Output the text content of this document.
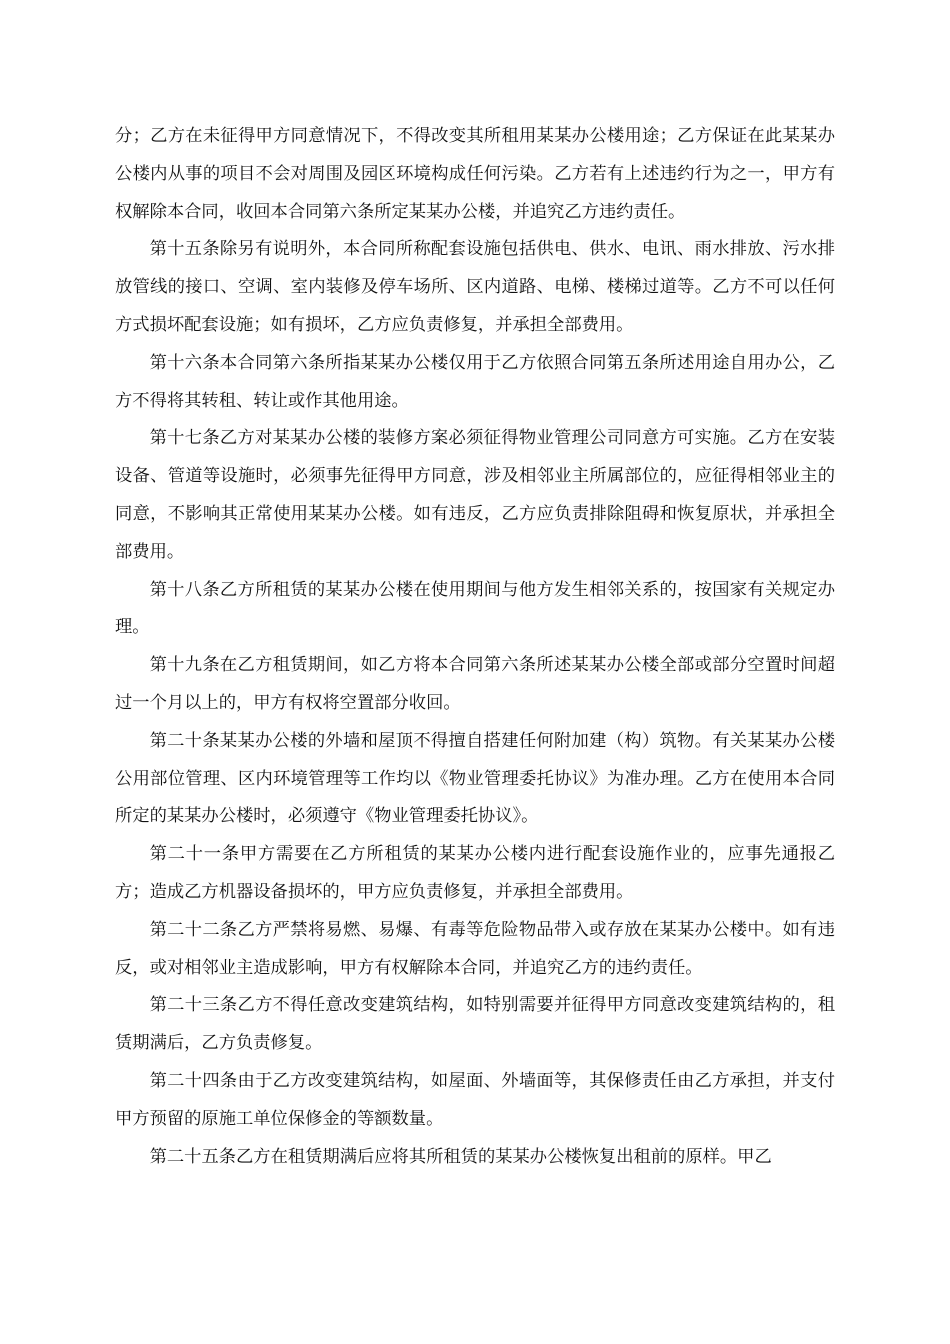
分；乙方在未征得甲方同意情况下，不得改变其所租用某某办公楼用途；乙方保证在此某某办公楼内从事的项目不会对周围及园区环境构成任何污染。乙方若有上述违约行为之一，甲方有权解除本合同，收回本合同第六条所定某某办公楼，并追究乙方违约责任。

第十五条除另有说明外，本合同所称配套设施包括供电、供水、电讯、雨水排放、污水排放管线的接口、空调、室内装修及停车场所、区内道路、电梯、楼梯过道等。乙方不可以任何方式损坏配套设施；如有损坏，乙方应负责修复，并承担全部费用。

第十六条本合同第六条所指某某办公楼仅用于乙方依照合同第五条所述用途自用办公，乙方不得将其转租、转让或作其他用途。

第十七条乙方对某某办公楼的装修方案必须征得物业管理公司同意方可实施。乙方在安装设备、管道等设施时，必须事先征得甲方同意，涉及相邻业主所属部位的，应征得相邻业主的同意，不影响其正常使用某某办公楼。如有违反，乙方应负责排除阻碍和恢复原状，并承担全部费用。

第十八条乙方所租赁的某某办公楼在使用期间与他方发生相邻关系的，按国家有关规定办理。

第十九条在乙方租赁期间，如乙方将本合同第六条所述某某办公楼全部或部分空置时间超过一个月以上的，甲方有权将空置部分收回。

第二十条某某办公楼的外墙和屋顶不得擅自搭建任何附加建（构）筑物。有关某某办公楼公用部位管理、区内环境管理等工作均以《物业管理委托协议》为准办理。乙方在使用本合同所定的某某办公楼时，必须遵守《物业管理委托协议》。

第二十一条甲方需要在乙方所租赁的某某办公楼内进行配套设施作业的，应事先通报乙方；造成乙方机器设备损坏的，甲方应负责修复，并承担全部费用。

第二十二条乙方严禁将易燃、易爆、有毒等危险物品带入或存放在某某办公楼中。如有违反，或对相邻业主造成影响，甲方有权解除本合同，并追究乙方的违约责任。

第二十三条乙方不得任意改变建筑结构，如特别需要并征得甲方同意改变建筑结构的，租赁期满后，乙方负责修复。

第二十四条由于乙方改变建筑结构，如屋面、外墙面等，其保修责任由乙方承担，并支付甲方预留的原施工单位保修金的等额数量。

第二十五条乙方在租赁期满后应将其所租赁的某某办公楼恢复出租前的原样。甲乙
